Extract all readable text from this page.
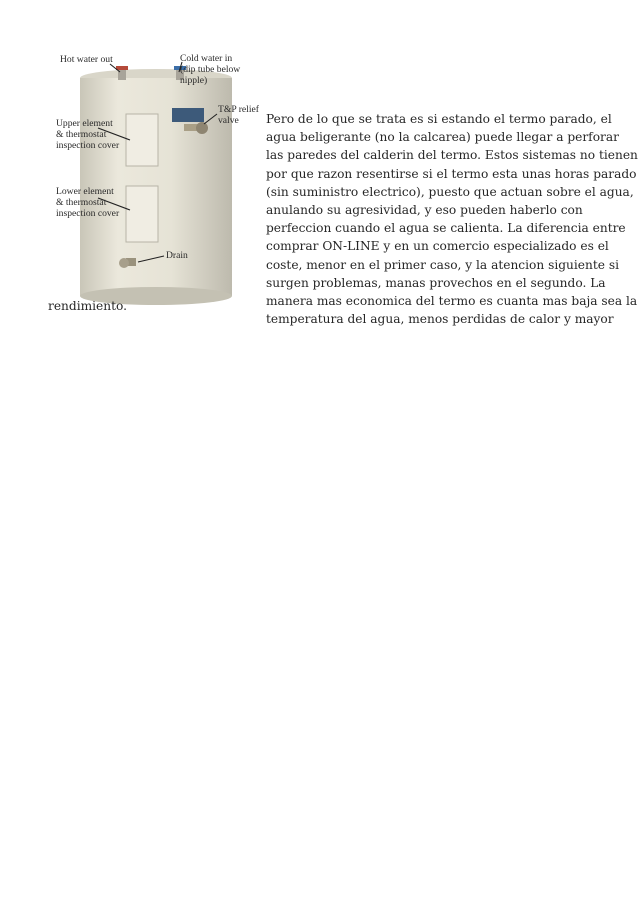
Hot water out	Cold water in
(dip tube below
nipple)
T&P relief
valve
Upper element
& thermostat
inspection cover
Lower element
& thermostat
inspection cover
Drain
Pero de lo que se trata es si estando el termo parado, el
agua beligerante (no la calcarea) puede llegar a perforar
las paredes del calderin del termo. Estos sistemas no tienen
por que razon resentirse si el termo esta unas horas parado
(sin suministro electrico), puesto que actuan sobre el agua,
anulando su agresividad, y eso pueden haberlo con
perfeccion cuando el agua se calienta. La diferencia entre
comprar ON-LINE y en un comercio especializado es el
coste, menor en el primer caso, y la atencion siguiente si
surgen problemas, manas provechos en el segundo. La
manera mas economica del termo es cuanta mas baja sea la
temperatura del agua, menos perdidas de calor y mayor
rendimiento.
